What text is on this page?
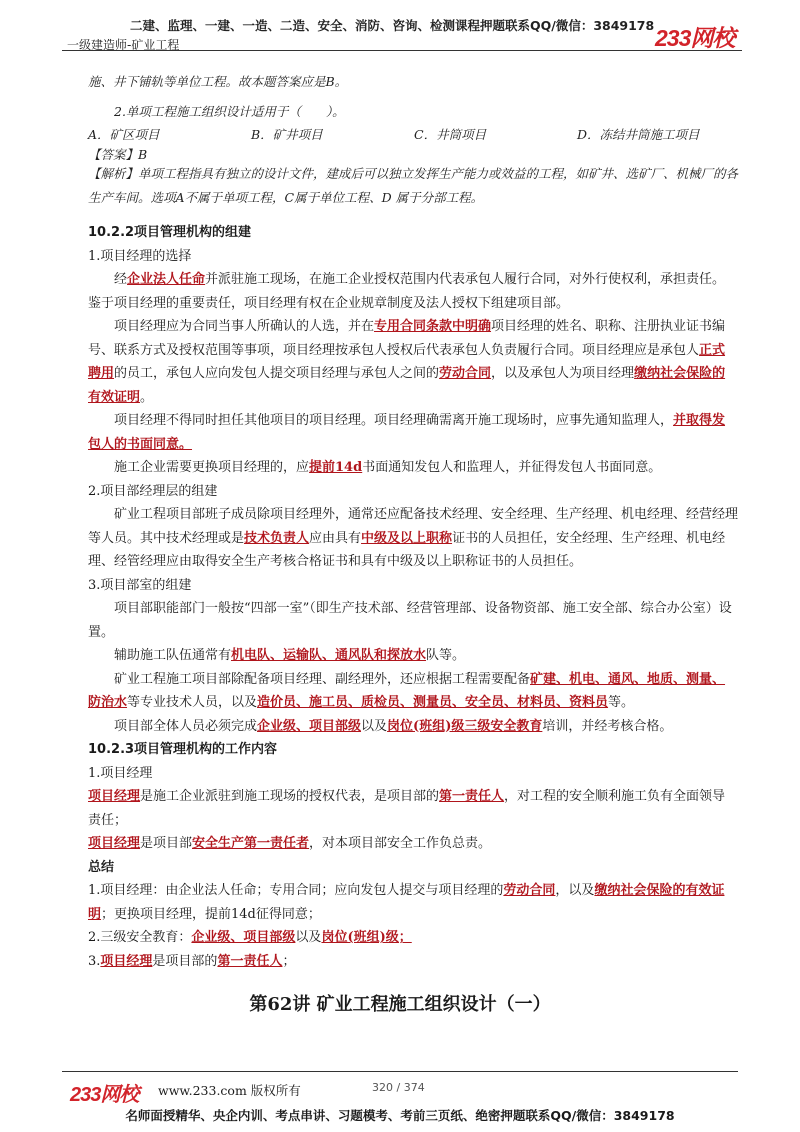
二建、监理、一建、一造、二造、安全、消防、咨询、检测课程押题联系QQ/微信：3849178
一级建造师-矿业工程	233网校

施、井下铺轨等单位工程。故本题答案应是B。

2.单项工程施工组织设计适用于（　　）。

A．矿区项目	B．矿井项目	C．井筒项目	D．冻结井筒施工项目

【答案】B

【解析】单项工程指具有独立的设计文件，建成后可以独立发挥生产能力或效益的工程，如矿井、选矿厂、机械厂的各生产车间。选项A不属于单项工程，C属于单位工程、D 属于分部工程。

10.2.2项目管理机构的组建

1.项目经理的选择

经企业法人任命并派驻施工现场，在施工企业授权范围内代表承包人履行合同，对外行使权利，承担责任。鉴于项目经理的重要责任，项目经理有权在企业规章制度及法人授权下组建项目部。

项目经理应为合同当事人所确认的人选，并在专用合同条款中明确项目经理的姓名、职称、注册执业证书编号、联系方式及授权范围等事项，项目经理按承包人授权后代表承包人负责履行合同。项目经理应是承包人正式聘用的员工，承包人应向发包人提交项目经理与承包人之间的劳动合同，以及承包人为项目经理缴纳社会保险的有效证明。

项目经理不得同时担任其他项目的项目经理。项目经理确需离开施工现场时，应事先通知监理人，并取得发包人的书面同意。

施工企业需要更换项目经理的，应提前14d书面通知发包人和监理人，并征得发包人书面同意。

2.项目部经理层的组建

矿业工程项目部班子成员除项目经理外，通常还应配备技术经理、安全经理、生产经理、机电经理、经营经理等人员。其中技术经理或是技术负责人应由具有中级及以上职称证书的人员担任，安全经理、生产经理、机电经理、经管经理应由取得安全生产考核合格证书和具有中级及以上职称证书的人员担任。

3.项目部室的组建

项目部职能部门一般按“四部一室”（即生产技术部、经营管理部、设备物资部、施工安全部、综合办公室）设置。

辅助施工队伍通常有机电队、运输队、通风队和探放水队等。

矿业工程施工项目部除配备项目经理、副经理外，还应根据工程需要配备矿建、机电、通风、地质、测量、防治水等专业技术人员，以及造价员、施工员、质检员、测量员、安全员、材料员、资料员等。

项目部全体人员必须完成企业级、项目部级以及岗位(班组)级三级安全教育培训，并经考核合格。

10.2.3项目管理机构的工作内容

1.项目经理

项目经理是施工企业派驻到施工现场的授权代表，是项目部的第一责任人，对工程的安全顺利施工负有全面领导责任；

项目经理是项目部安全生产第一责任者，对本项目部安全工作负总责。

总结

1.项目经理：由企业法人任命；专用合同；应向发包人提交与项目经理的劳动合同，以及缴纳社会保险的有效证明；更换项目经理，提前14d征得同意；

2.三级安全教育：企业级、项目部级以及岗位(班组)级；

3.项目经理是项目部的第一责任人；

第62讲 矿业工程施工组织设计（一）
233网校 www.233.com 版权所有	320 / 374
名师面授精华、央企内训、考点串讲、习题模考、考前三页纸、绝密押题联系QQ/微信：3849178
